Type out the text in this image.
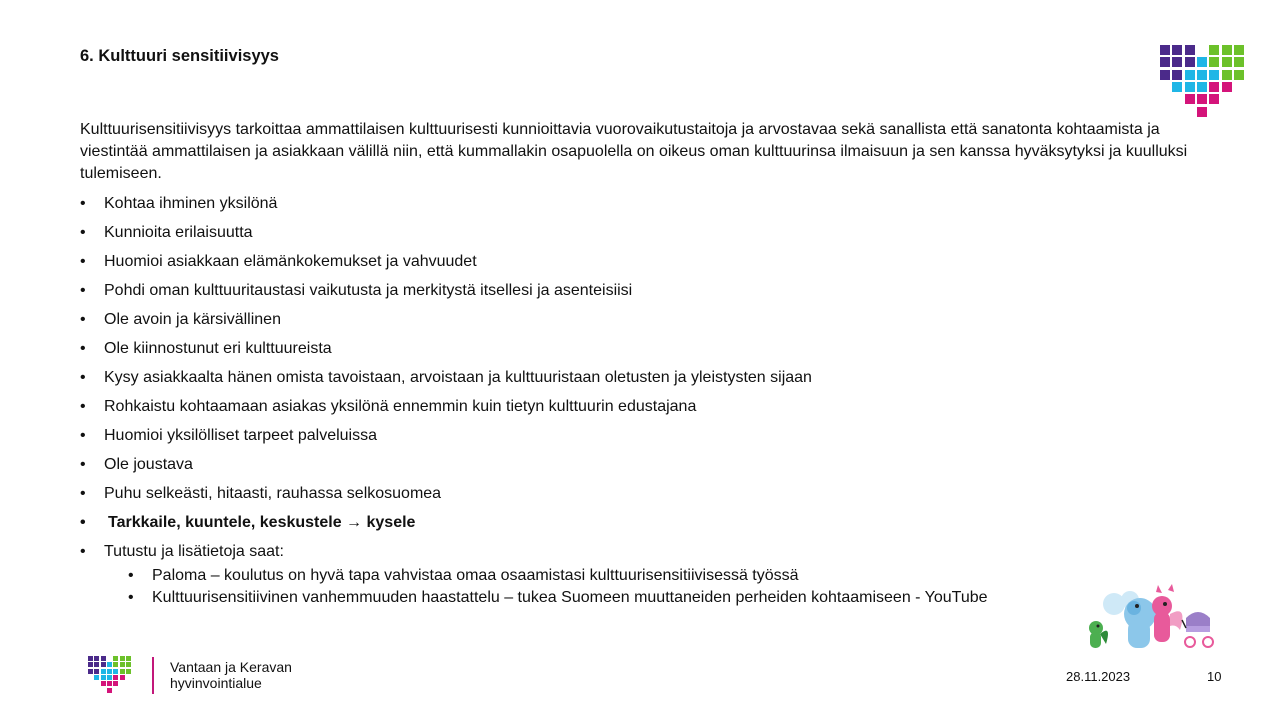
6. Kulttuuri sensitiivisyys

Kulttuurisensitiivisyys tarkoittaa ammattilaisen kulttuurisesti kunnioittavia vuorovaikutustaitoja ja arvostavaa sekä sanallista että sanatonta kohtaamista ja viestintää ammattilaisen ja asiakkaan välillä niin, että kummallakin osapuolella on oikeus oman kulttuurinsa ilmaisuun ja sen kanssa hyväksytyksi ja kuulluksi tulemiseen.

• Kohtaa ihminen yksilönä
• Kunnioita erilaisuutta
• Huomioi asiakkaan elämänkokemukset ja vahvuudet
• Pohdi oman kulttuuritaustasi vaikutusta ja merkitystä itsellesi ja asenteisiisi
• Ole avoin ja kärsivällinen
• Ole kiinnostunut eri kulttuureista
• Kysy asiakkaalta hänen omista tavoistaan, arvoistaan ja kulttuuristaan oletusten ja yleistysten sijaan
• Rohkaistu kohtaamaan asiakas yksilönä ennemmin kuin tietyn kulttuurin edustajana
• Huomioi yksilölliset tarpeet palveluissa
• Ole joustava
• Puhu selkeästi, hitaasti, rauhassa selkosuomea
• Tarkkaile, kuuntele, keskustele → kysele
• Tutustu ja lisätietoja saat:
• Paloma – koulutus on hyvä tapa vahvistaa omaa osaamistasi kulttuurisensitiivisessä työssä
• Kulttuurisensitiivinen vanhemmuuden haastattelu – tukea Suomeen muuttaneiden perheiden kohtaamiseen - YouTube
Vantaan ja Keravan
hyvinvointialue	28.11.2023	10
